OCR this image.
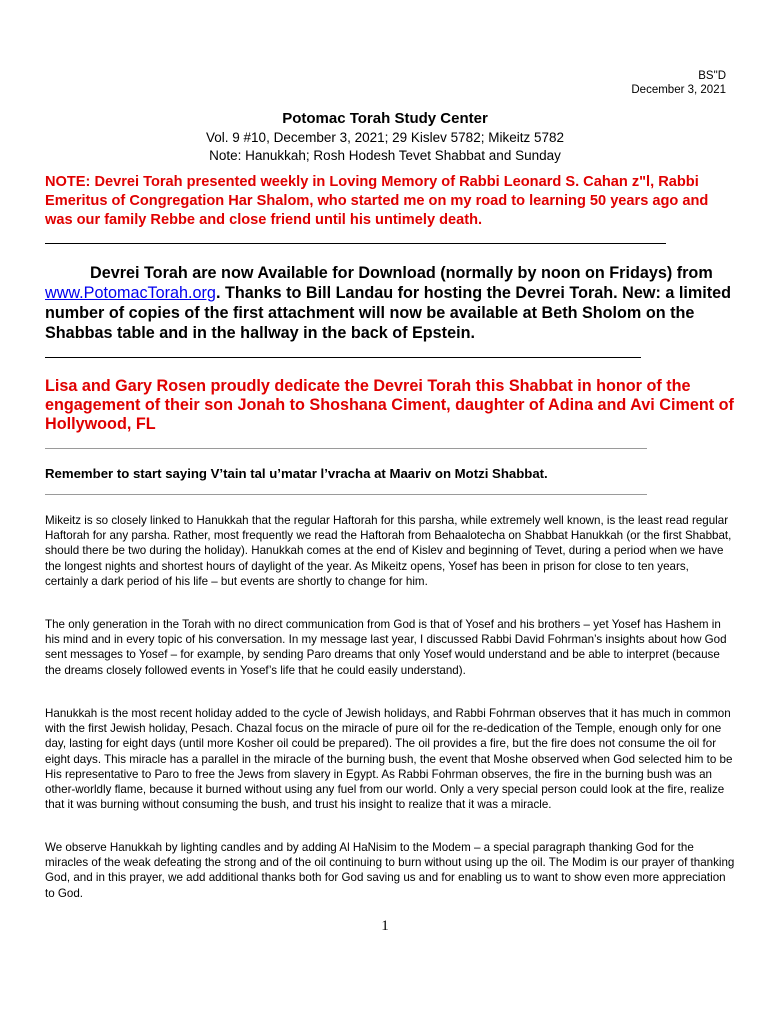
BS"D
December 3, 2021
Potomac Torah Study Center
Vol. 9 #10, December 3, 2021; 29 Kislev 5782; Mikeitz 5782
Note: Hanukkah; Rosh Hodesh Tevet Shabbat and Sunday
NOTE: Devrei Torah presented weekly in Loving Memory of Rabbi Leonard S. Cahan z"l, Rabbi Emeritus of Congregation Har Shalom, who started me on my road to learning 50 years ago and was our family Rebbe and close friend until his untimely death.
Devrei Torah are now Available for Download (normally by noon on Fridays) from www.PotomacTorah.org. Thanks to Bill Landau for hosting the Devrei Torah. New: a limited number of copies of the first attachment will now be available at Beth Sholom on the Shabbas table and in the hallway in the back of Epstein.
Lisa and Gary Rosen proudly dedicate the Devrei Torah this Shabbat in honor of the engagement of their son Jonah to Shoshana Ciment, daughter of Adina and Avi Ciment of Hollywood, FL
Remember to start saying V’tain tal u’matar l’vracha at Maariv on Motzi Shabbat.
Mikeitz is so closely linked to Hanukkah that the regular Haftorah for this parsha, while extremely well known, is the least read regular Haftorah for any parsha. Rather, most frequently we read the Haftorah from Behaalotecha on Shabbat Hanukkah (or the first Shabbat, should there be two during the holiday). Hanukkah comes at the end of Kislev and beginning of Tevet, during a period when we have the longest nights and shortest hours of daylight of the year. As Mikeitz opens, Yosef has been in prison for close to ten years, certainly a dark period of his life – but events are shortly to change for him.
The only generation in the Torah with no direct communication from God is that of Yosef and his brothers – yet Yosef has Hashem in his mind and in every topic of his conversation. In my message last year, I discussed Rabbi David Fohrman’s insights about how God sent messages to Yosef – for example, by sending Paro dreams that only Yosef would understand and be able to interpret (because the dreams closely followed events in Yosef’s life that he could easily understand).
Hanukkah is the most recent holiday added to the cycle of Jewish holidays, and Rabbi Fohrman observes that it has much in common with the first Jewish holiday, Pesach. Chazal focus on the miracle of pure oil for the re-dedication of the Temple, enough only for one day, lasting for eight days (until more Kosher oil could be prepared). The oil provides a fire, but the fire does not consume the oil for eight days. This miracle has a parallel in the miracle of the burning bush, the event that Moshe observed when God selected him to be His representative to Paro to free the Jews from slavery in Egypt. As Rabbi Fohrman observes, the fire in the burning bush was an other-worldly flame, because it burned without using any fuel from our world. Only a very special person could look at the fire, realize that it was burning without consuming the bush, and trust his insight to realize that it was a miracle.
We observe Hanukkah by lighting candles and by adding Al HaNisim to the Modem – a special paragraph thanking God for the miracles of the weak defeating the strong and of the oil continuing to burn without using up the oil. The Modim is our prayer of thanking God, and in this prayer, we add additional thanks both for God saving us and for enabling us to want to show even more appreciation to God.
1
